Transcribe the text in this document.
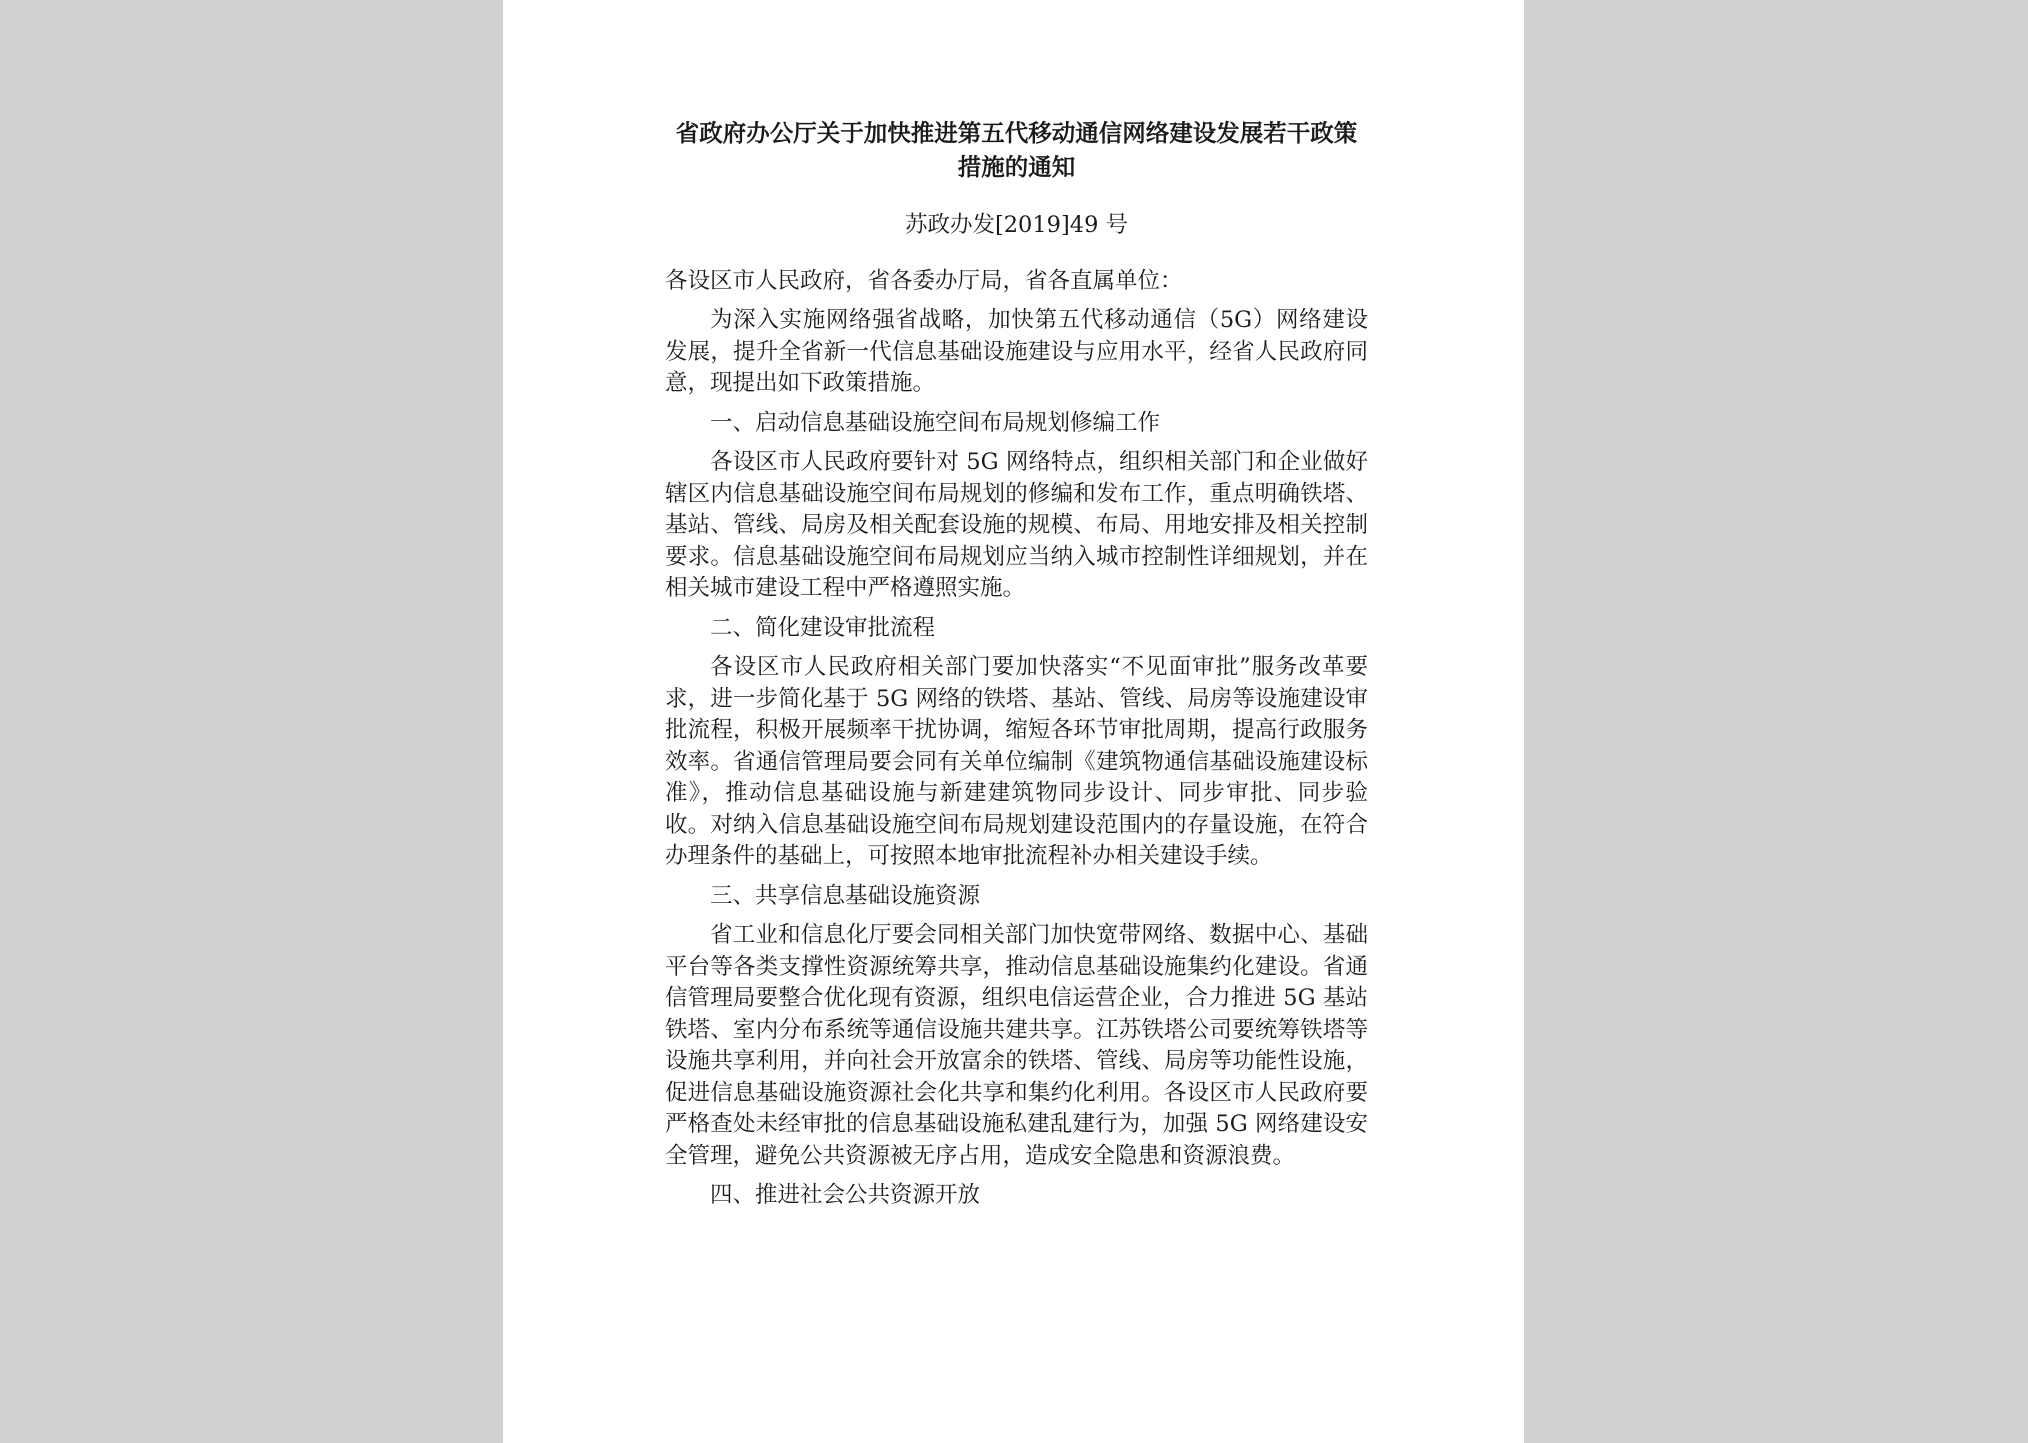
省政府办公厅关于加快推进第五代移动通信网络建设发展若干政策措施的通知
苏政办发[2019]49 号

各设区市人民政府，省各委办厅局，省各直属单位：

为深入实施网络强省战略，加快第五代移动通信（5G）网络建设发展，提升全省新一代信息基础设施建设与应用水平，经省人民政府同意，现提出如下政策措施。

一、启动信息基础设施空间布局规划修编工作

各设区市人民政府要针对 5G 网络特点，组织相关部门和企业做好辖区内信息基础设施空间布局规划的修编和发布工作，重点明确铁塔、基站、管线、局房及相关配套设施的规模、布局、用地安排及相关控制要求。信息基础设施空间布局规划应当纳入城市控制性详细规划，并在相关城市建设工程中严格遵照实施。

二、简化建设审批流程

各设区市人民政府相关部门要加快落实“不见面审批”服务改革要求，进一步简化基于 5G 网络的铁塔、基站、管线、局房等设施建设审批流程，积极开展频率干扰协调，缩短各环节审批周期，提高行政服务效率。省通信管理局要会同有关单位编制《建筑物通信基础设施建设标准》，推动信息基础设施与新建建筑物同步设计、同步审批、同步验收。对纳入信息基础设施空间布局规划建设范围内的存量设施，在符合办理条件的基础上，可按照本地审批流程补办相关建设手续。

三、共享信息基础设施资源

省工业和信息化厅要会同相关部门加快宽带网络、数据中心、基础平台等各类支撑性资源统筹共享，推动信息基础设施集约化建设。省通信管理局要整合优化现有资源，组织电信运营企业，合力推进 5G 基站铁塔、室内分布系统等通信设施共建共享。江苏铁塔公司要统筹铁塔等设施共享利用，并向社会开放富余的铁塔、管线、局房等功能性设施，促进信息基础设施资源社会化共享和集约化利用。各设区市人民政府要严格查处未经审批的信息基础设施私建乱建行为，加强 5G 网络建设安全管理，避免公共资源被无序占用，造成安全隐患和资源浪费。

四、推进社会公共资源开放
